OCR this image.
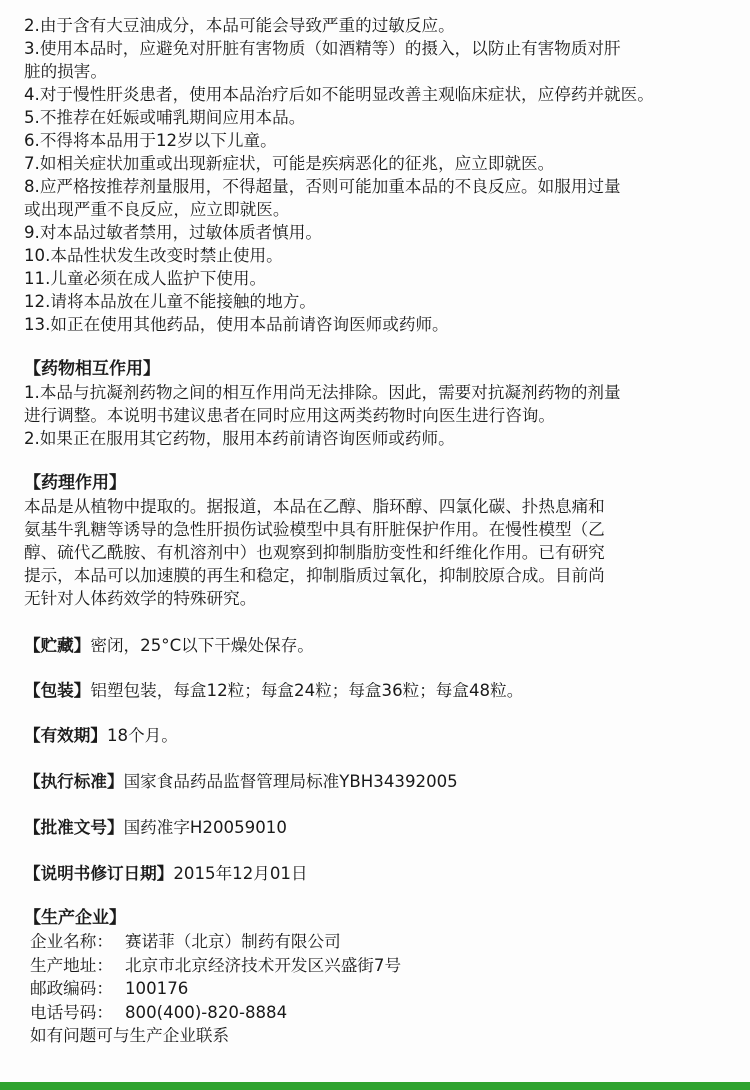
2.由于含有大豆油成分，本品可能会导致严重的过敏反应。
3.使用本品时，应避免对肝脏有害物质（如酒精等）的摄入，以防止有害物质对肝
脏的损害。
4.对于慢性肝炎患者，使用本品治疗后如不能明显改善主观临床症状，应停药并就医。
5.不推荐在妊娠或哺乳期间应用本品。
6.不得将本品用于12岁以下儿童。
7.如相关症状加重或出现新症状，可能是疾病恶化的征兆，应立即就医。
8.应严格按推荐剂量服用，不得超量，否则可能加重本品的不良反应。如服用过量
或出现严重不良反应，应立即就医。
9.对本品过敏者禁用，过敏体质者慎用。
10.本品性状发生改变时禁止使用。
11.儿童必须在成人监护下使用。
12.请将本品放在儿童不能接触的地方。
13.如正在使用其他药品，使用本品前请咨询医师或药师。
【药物相互作用】
1.本品与抗凝剂药物之间的相互作用尚无法排除。因此，需要对抗凝剂药物的剂量
进行调整。本说明书建议患者在同时应用这两类药物时向医生进行咨询。
2.如果正在服用其它药物，服用本药前请咨询医师或药师。
【药理作用】
本品是从植物中提取的。据报道，本品在乙醇、脂环醇、四氯化碳、扑热息痛和
氨基牛乳糖等诱导的急性肝损伤试验模型中具有肝脏保护作用。在慢性模型（乙
醇、硫代乙酰胺、有机溶剂中）也观察到抑制脂肪变性和纤维化作用。已有研究
提示，本品可以加速膜的再生和稳定，抑制脂质过氧化，抑制胶原合成。目前尚
无针对人体药效学的特殊研究。
【贮藏】密闭，25°C以下干燥处保存。
【包装】铝塑包装，每盒12粒；每盒24粒；每盒36粒；每盒48粒。
【有效期】18个月。
【执行标准】国家食品药品监督管理局标准YBH34392005
【批准文号】国药准字H20059010
【说明书修订日期】2015年12月01日
【生产企业】
企业名称： 赛诺菲（北京）制药有限公司
生产地址： 北京市北京经济技术开发区兴盛街7号
邮政编码： 100176
电话号码： 800(400)-820-8884
如有问题可与生产企业联系
